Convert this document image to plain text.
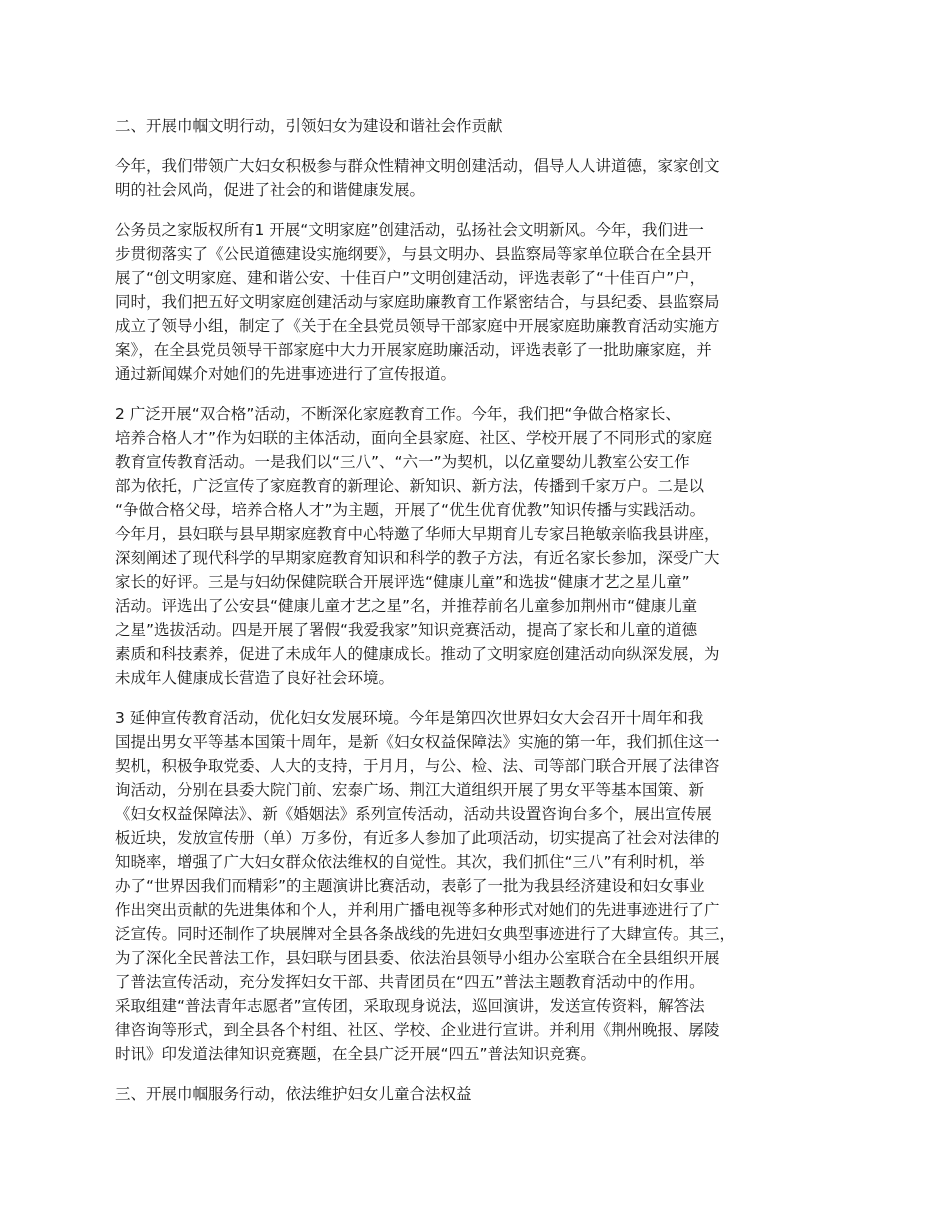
二、开展巾帼文明行动，引领妇女为建设和谐社会作贡献
今年，我们带领广大妇女积极参与群众性精神文明创建活动，倡导人人讲道德，家家创文
明的社会风尚，促进了社会的和谐健康发展。
公务员之家版权所有1 开展“文明家庭”创建活动，弘扬社会文明新风。今年，我们进一
步贯彻落实了《公民道德建设实施纲要》，与县文明办、县监察局等家单位联合在全县开
展了“创文明家庭、建和谐公安、十佳百户”文明创建活动，评选表彰了“十佳百户”户，
同时，我们把五好文明家庭创建活动与家庭助廉教育工作紧密结合，与县纪委、县监察局
成立了领导小组，制定了《关于在全县党员领导干部家庭中开展家庭助廉教育活动实施方
案》，在全县党员领导干部家庭中大力开展家庭助廉活动，评选表彰了一批助廉家庭，并
通过新闻媒介对她们的先进事迹进行了宣传报道。
2 广泛开展“双合格”活动，不断深化家庭教育工作。今年，我们把“争做合格家长、
培养合格人才”作为妇联的主体活动，面向全县家庭、社区、学校开展了不同形式的家庭
教育宣传教育活动。一是我们以“三八”、“六一”为契机，以亿童婴幼儿教室公安工作
部为依托，广泛宣传了家庭教育的新理论、新知识、新方法，传播到千家万户。二是以
“争做合格父母，培养合格人才”为主题，开展了“优生优育优教”知识传播与实践活动。
今年月，县妇联与县早期家庭教育中心特邀了华师大早期育儿专家吕艳敏亲临我县讲座，
深刻阐述了现代科学的早期家庭教育知识和科学的教子方法，有近名家长参加，深受广大
家长的好评。三是与妇幼保健院联合开展评选“健康儿童”和选拔“健康才艺之星儿童”
活动。评选出了公安县“健康儿童才艺之星”名，并推荐前名儿童参加荆州市“健康儿童
之星”选拔活动。四是开展了署假“我爱我家”知识竞赛活动，提高了家长和儿童的道德
素质和科技素养，促进了未成年人的健康成长。推动了文明家庭创建活动向纵深发展，为
未成年人健康成长营造了良好社会环境。
3 延伸宣传教育活动，优化妇女发展环境。今年是第四次世界妇女大会召开十周年和我
国提出男女平等基本国策十周年，是新《妇女权益保障法》实施的第一年，我们抓住这一
契机，积极争取党委、人大的支持，于月月，与公、检、法、司等部门联合开展了法律咨
询活动，分别在县委大院门前、宏泰广场、荆江大道组织开展了男女平等基本国策、新
《妇女权益保障法》、新《婚姻法》系列宣传活动，活动共设置咨询台多个，展出宣传展
板近块，发放宣传册（单）万多份，有近多人参加了此项活动，切实提高了社会对法律的
知晓率，增强了广大妇女群众依法维权的自觉性。其次，我们抓住“三八”有利时机，举
办了“世界因我们而精彩”的主题演讲比赛活动，表彰了一批为我县经济建设和妇女事业
作出突出贡献的先进集体和个人，并利用广播电视等多种形式对她们的先进事迹进行了广
泛宣传。同时还制作了块展牌对全县各条战线的先进妇女典型事迹进行了大肆宣传。其三，
为了深化全民普法工作，县妇联与团县委、依法治县领导小组办公室联合在全县组织开展
了普法宣传活动，充分发挥妇女干部、共青团员在“四五”普法主题教育活动中的作用。
采取组建“普法青年志愿者”宣传团，采取现身说法，巡回演讲，发送宣传资料，解答法
律咨询等形式，到全县各个村组、社区、学校、企业进行宣讲。并利用《荆州晚报、孱陵
时讯》印发道法律知识竞赛题，在全县广泛开展“四五”普法知识竞赛。
三、开展巾帼服务行动，依法维护妇女儿童合法权益
